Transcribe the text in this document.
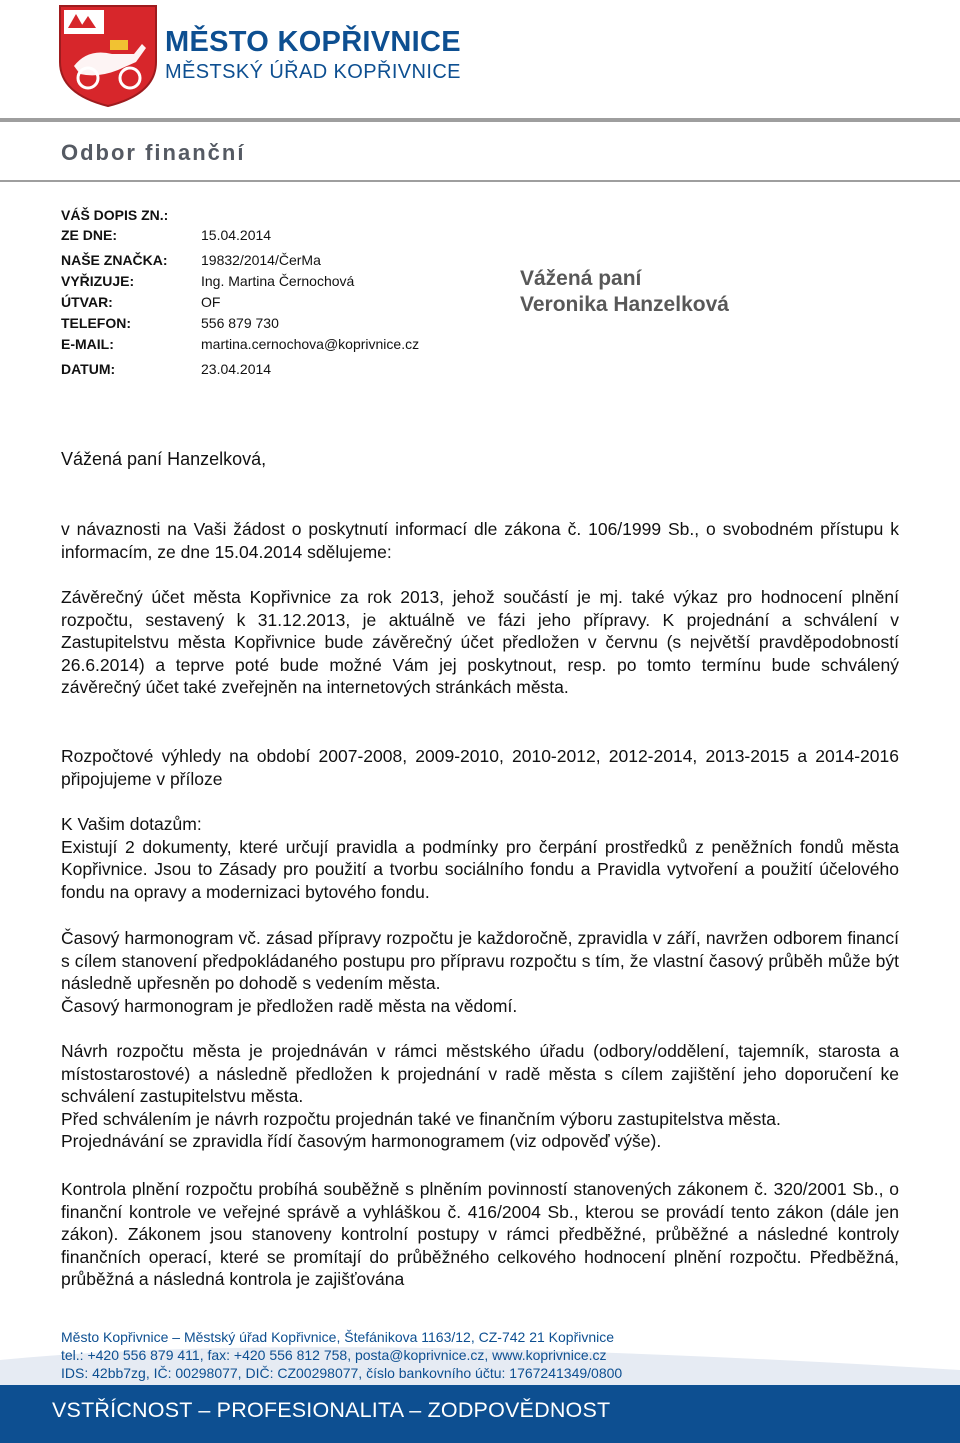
MĚSTO KOPŘIVNICE
MĚSTSKÝ ÚŘAD KOPŘIVNICE
Odbor finanční
VÁŠ DOPIS ZN.:
ZE DNE:	15.04.2014
NAŠE ZNAČKA: 19832/2014/ČerMa
VYŘIZUJE:	Ing. Martina Černochová
ÚTVAR:	OF
TELEFON:	556 879 730
E-MAIL:	martina.cernochova@koprivnice.cz
DATUM:	23.04.2014
Vážená paní
Veronika Hanzelková
Vážená paní Hanzelková,

v návaznosti na Vaši žádost o poskytnutí informací dle zákona č. 106/1999 Sb., o svobodném přístupu k informacím, ze dne 15.04.2014 sdělujeme:

Závěrečný účet města Kopřivnice za rok 2013, jehož součástí je mj. také výkaz pro hodnocení plnění rozpočtu, sestavený k 31.12.2013, je aktuálně ve fázi jeho přípravy. K projednání a schválení v Zastupitelstvu města Kopřivnice bude závěrečný účet předložen v červnu (s největší pravděpodobností 26.6.2014) a teprve poté bude možné Vám jej poskytnout, resp. po tomto termínu bude schválený závěrečný účet také zveřejněn na internetových stránkách města.

Rozpočtové výhledy na období 2007-2008, 2009-2010, 2010-2012, 2012-2014, 2013-2015 a 2014-2016 připojujeme v příloze

K Vašim dotazům:

Existují 2 dokumenty, které určují pravidla a podmínky pro čerpání prostředků z peněžních fondů města Kopřivnice. Jsou to Zásady pro použití a tvorbu sociálního fondu a Pravidla vytvoření a použití účelového fondu na opravy a modernizaci bytového fondu.

Časový harmonogram vč. zásad přípravy rozpočtu je každoročně, zpravidla v září, navržen odborem financí s cílem stanovení předpokládaného postupu pro přípravu rozpočtu s tím, že vlastní časový průběh může být následně upřesněn po dohodě s vedením města.

Časový harmonogram je předložen radě města na vědomí.

Návrh rozpočtu města je projednáván v rámci městského úřadu (odbory/oddělení, tajemník, starosta a místostarostové) a následně předložen k projednání v radě města s cílem zajištění jeho doporučení ke schválení zastupitelstvu města.

Před schválením je návrh rozpočtu projednán také ve finančním výboru zastupitelstva města.

Projednávání se zpravidla řídí časovým harmonogramem (viz odpověď výše).

Kontrola plnění rozpočtu probíhá souběžně s plněním povinností stanovených zákonem č. 320/2001 Sb., o finanční kontrole ve veřejné správě a vyhláškou č. 416/2004 Sb., kterou se provádí tento zákon (dále jen zákon). Zákonem jsou stanoveny kontrolní postupy v rámci předběžné, průběžné a následné kontroly finančních operací, které se promítají do průběžného celkového hodnocení plnění rozpočtu. Předběžná, průběžná a následná kontrola je zajišťována

Město Kopřivnice – Městský úřad Kopřivnice, Štefánikova 1163/12, CZ-742 21 Kopřivnice
tel.: +420 556 879 411, fax: +420 556 812 758, posta@koprivnice.cz, www.koprivnice.cz
IDS: 42bb7zg, IČ: 00298077, DIČ: CZ00298077, číslo bankovního účtu: 1767241349/0800
VSTŘÍCNOST – PROFESIONALITA – ZODPOVĚDNOST
